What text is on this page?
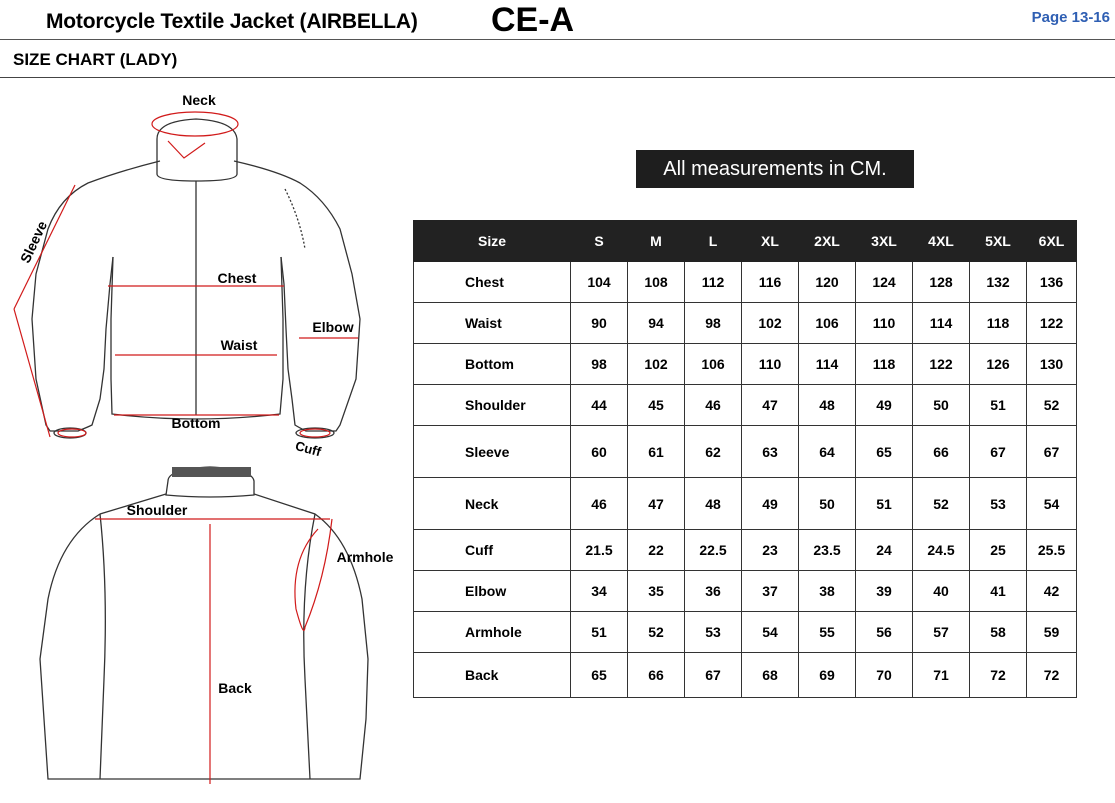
Motorcycle Textile Jacket (AIRBELLA) CE-A	Page 13-16
SIZE CHART (LADY)
Neck
Sleeve
Chest
Waist
Elbow
Bottom
Cuff
Shoulder
Armhole
Back
All measurements in CM.
Size	S	M	L	XL	2XL	3XL	4XL	5XL	6XL
Chest	104	108	112	116	120	124	128	132	136
Waist	90	94	98	102	106	110	114	118	122
Bottom	98	102	106	110	114	118	122	126	130
Shoulder	44	45	46	47	48	49	50	51	52
Sleeve	60	61	62	63	64	65	66	67	67
Neck	46	47	48	49	50	51	52	53	54
Cuff	21.5	22	22.5	23	23.5	24	24.5	25	25.5
Elbow	34	35	36	37	38	39	40	41	42
Armhole	51	52	53	54	55	56	57	58	59
Back	65	66	67	68	69	70	71	72	72
